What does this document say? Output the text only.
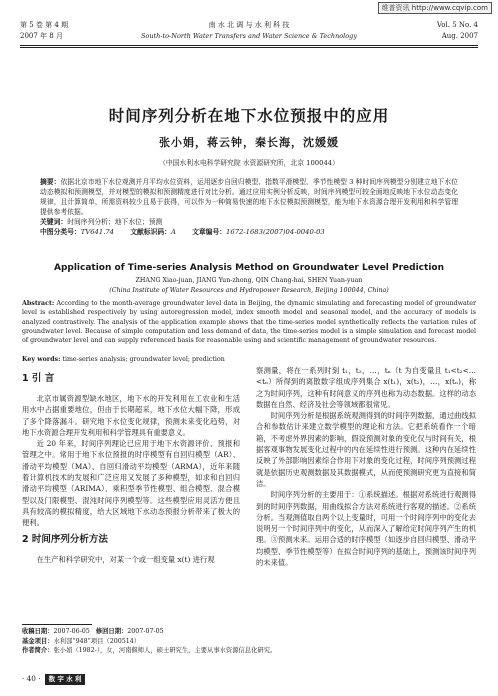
维普资讯 http://www.cqvip.com
第 5 卷 第 4 期
2007 年 8 月
南 水 北 调 与 水 利 科 技
South-to-North Water Transfers and Water Science & Technology
Vol. 5 No. 4
Aug. 2007
时间序列分析在地下水位预报中的应用
张小娟，蒋云钟，秦长海，沈媛媛
（中国水利水电科学研究院 水资源研究所，北京 100044）
摘要：依据北京市地下水位观测并月平均水位资料，运用逐步自回归模型、指数平滑模型、季节性模型 3 种时间序列模型分别建立地下水位动态模拟和预测模型，并对模型的模拟和预测精度进行对比分析。通过应用实例分析反映，时间序列模型可较全面地反映地下水位动态变化规律，且计算简单，所需资料较少且易于获得，可以作为一种简易快速的地下水位模拟预测模型，能为地下水资源合理开发利用和科学管理提供参考依据。
关键词：时间序列分析；地下水位；预测
中图分类号：TV641.74 文献标识码：A 文章编号：1672-1683(2007)04-0040-03
Application of Time-series Analysis Method on Groundwater Level Prediction
ZHANG Xiao-juan, JIANG Yun-zhong, QIN Chang-hai, SHEN Yuan-yuan
(China Institute of Water Resources and Hydropower Research, Beijing 100044, China)
Abstract: According to the month-average groundwater level data in Beijing, the dynamic simulating and forecasting model of groundwater level is established respectively by using autoregression model, index smooth model and seasonal model, and the accuracy of models is analyzed contrastively. The analysis of the application example shows that the time-series model synthetically reflects the variation rules of groundwater level. Because of simple computation and less demand of data, the time-series model is a simple simulation and forecast model of groundwater level and can supply referenced basis for reasonable using and scientific management of groundwater resources.
Key words: time-series analysis; groundwater level; prediction
1 引 言
北京市属资源型缺水地区，地下水的开发利用在工农业和生活用水中占据重要地位，但由于长期超采，地下水位大幅下降，形成了多个降落漏斗。研究地下水位变化规律，预测未来变化趋势，对地下水资源合理开发利用和科学管理具有重要意义。
近 20 年来，时间序列理论已应用于地下水资源评价、预报和管理之中。常用于地下水位预报的时序模型有自回归模型（AR）、滑动平均模型（MA）、自回归滑动平均模型（ARMA），近年来随着计算机技术的发展和广泛应用又发展了多种模型，如求和自回归滑动平均模型（ARIMA）、乘积型季节性模型、组合模型、混合模型以及门限模型、混沌时间序列模型等。这些模型应用灵活方便且具有较高的模拟精度，给大区域地下水动态预报分析带来了极大的便利。
2 时间序列分析方法
在生产和科学研究中，对某一个或一组变量 x(t) 进行观
察测量，将在一系列时刻 t₁，t₂，…，tₙ（t 为自变量且 t₁<t₂<…<tₙ）所得到的离散数字组成序列集合 x(t₁)，x(t₂)，…，x(tₙ)，称之为时间序列，这种有时间意义的序列也称为动态数据。这样的动态数据在自然、经济及社会等领域都很常见。
时间序列分析是根据系统观测得到的时间序列数据，通过曲线拟合和参数估计来建立数学模型的理论和方法。它把系统看作一个暗箱，不考虑外界因素的影响，假设预测对象的变化仅与时间有关，根据客观事物发展变化过程中的内在延续性进行预测。这种内在延续性反映了外部影响因素综合作用下对象的变化过程，时间序列预测过程就是依据历史观测数据及其数据模式，从而使预测研究更为直接和简洁。
时间序列分析的主要用于：①系统描述。根据对系统进行观测得到的时间序列数据，用曲线拟合方法对系统进行客观的描述。②系统分析。当观测值取自两个以上变量时，可用一个时间序列中的变化去说明另一个时间序列中的变化，从而深入了解给定时间序列产生的机理。③预测未来。运用合适的时序模型（如逐步自回归模型、滑动平均模型、季节性模型等）在拟合时间序列的基础上，预测该时间序列的未来值。
收稿日期：2007-06-05 修回日期：2007-07-05
基金项目：水利部“948”项目（200514）
作者简介：张小娟（1982-），女，河南偃师人，硕士研究生，主要从事水资源信息化研究。
· 40 · 数 字 水 利
